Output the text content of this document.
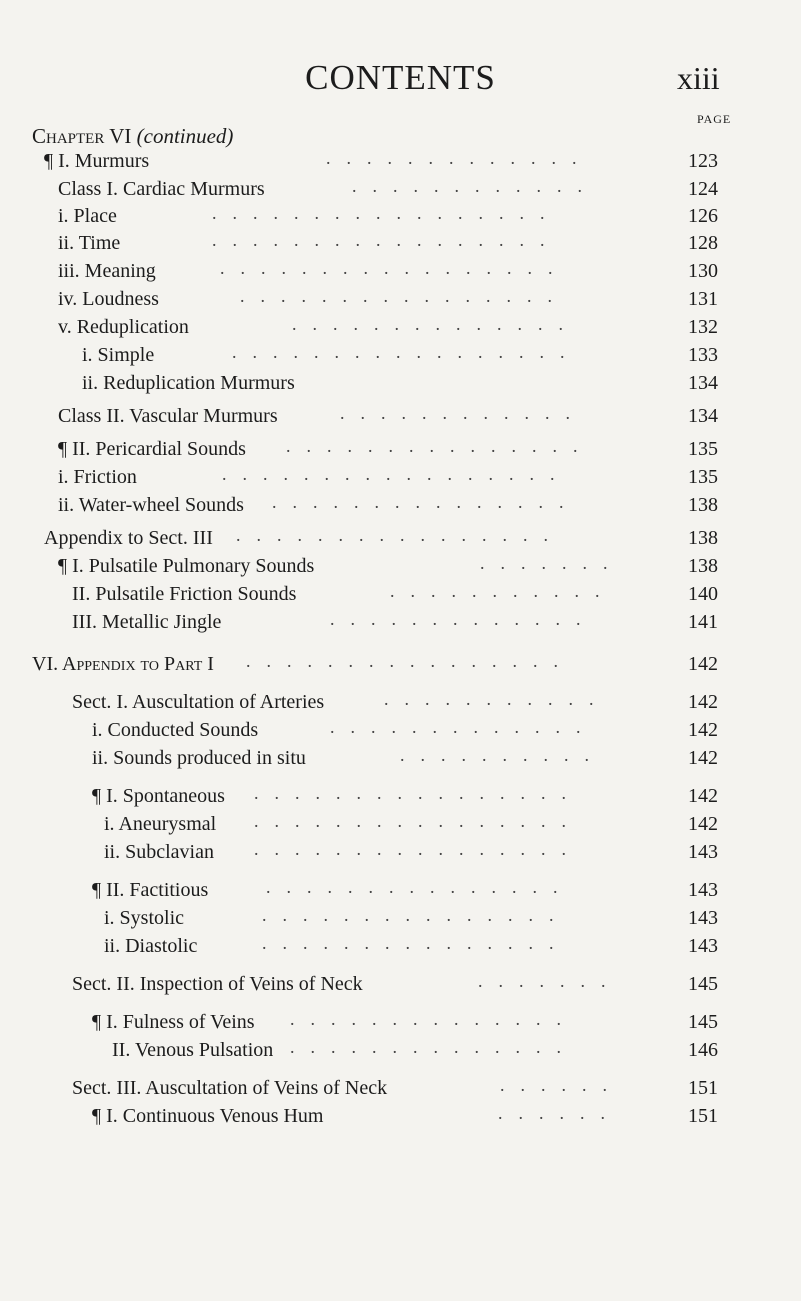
CONTENTS	xiii
PAGE
Chapter VI (continued)
¶ I. Murmurs	.............	123
Class I. Cardiac Murmurs	............	124
i. Place	.................	126
ii. Time	.................	128
iii. Meaning	.................	130
iv. Loudness	................	131
v. Reduplication	..............	132
i. Simple	.................	133
ii. Reduplication Murmurs	134
Class II. Vascular Murmurs	............	134
¶ II. Pericardial Sounds ...............	135
i. Friction	.................	135
ii. Water-wheel Sounds ...............	138
Appendix to Sect. III ................	138
¶ I. Pulsatile Pulmonary Sounds	.......	138
II. Pulsatile Friction Sounds	...........	140
III. Metallic Jingle	.............	141
VI. Appendix to Part I ................	142
Sect. I. Auscultation of Arteries	...........	142
i. Conducted Sounds	.............	142
ii. Sounds produced in situ	..........	142
¶ I. Spontaneous ................	142
i. Aneurysmal ................	142
ii. Subclavian ................	143
¶ II. Factitious	...............	143
i. Systolic	...............	143
ii. Diastolic	...............	143
Sect. II. Inspection of Veins of Neck	.......	145
¶ I. Fulness of Veins ..............	145
II. Venous Pulsation ..............	146
Sect. III. Auscultation of Veins of Neck	......	151
¶ I. Continuous Venous Hum	......	151
